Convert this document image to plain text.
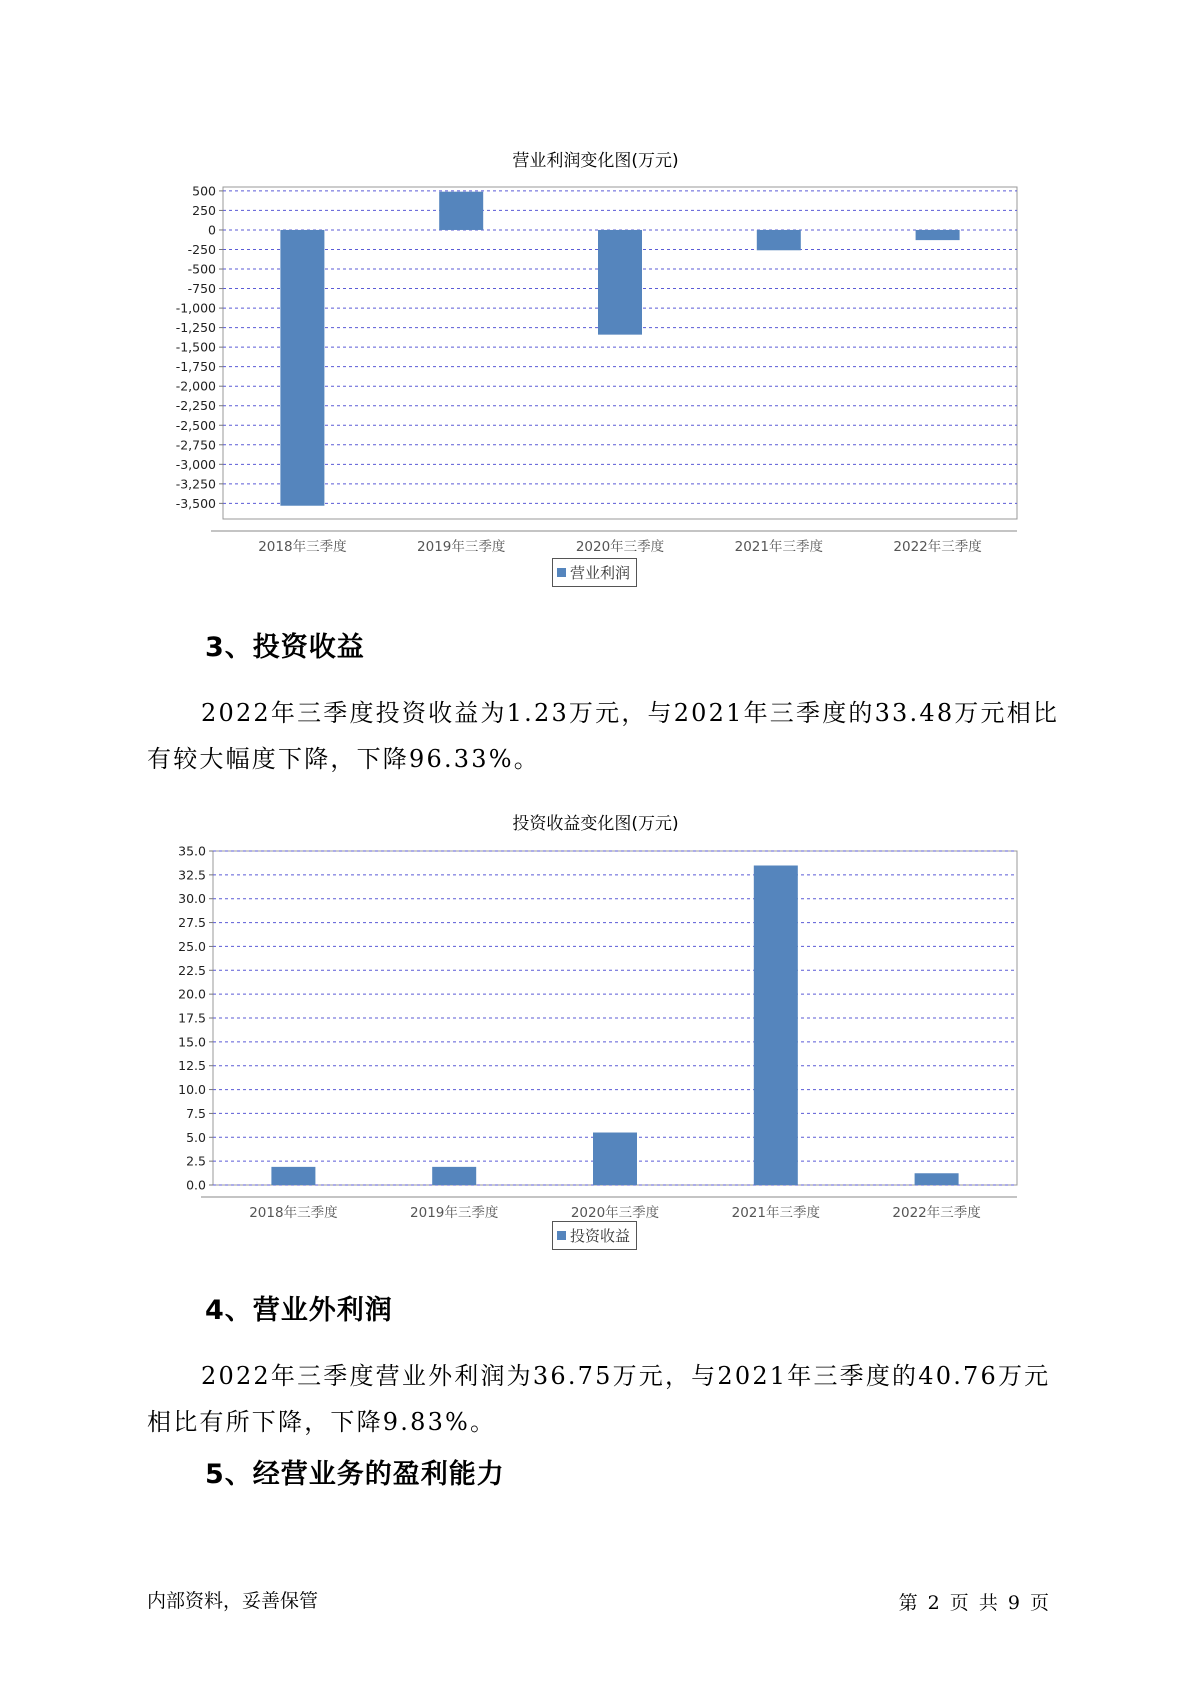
营业利润变化图(万元)
500
250
0
-250
-500
-750
-1,000
-1,250
-1,500
-1,750
-2,000
-2,250
-2,500
-2,750
-3,000
-3,250
-3,500
2018年三季度	2019年三季度	2020年三季度	2021年三季度	2022年三季度
营业利润
3、投资收益
2022年三季度投资收益为1.23万元，与2021年三季度的33.48万元相比有较大幅度下降，下降96.33%。
投资收益变化图(万元)
35.0
32.5
30.0
27.5
25.0
22.5
20.0
17.5
15.0
12.5
10.0
7.5
5.0
2.5
0.0
2018年三季度	2019年三季度	2020年三季度	2021年三季度	2022年三季度
投资收益
4、营业外利润
2022年三季度营业外利润为36.75万元，与2021年三季度的40.76万元相比有所下降，下降9.83%。
5、经营业务的盈利能力
内部资料，妥善保管	第 2 页 共 9 页
